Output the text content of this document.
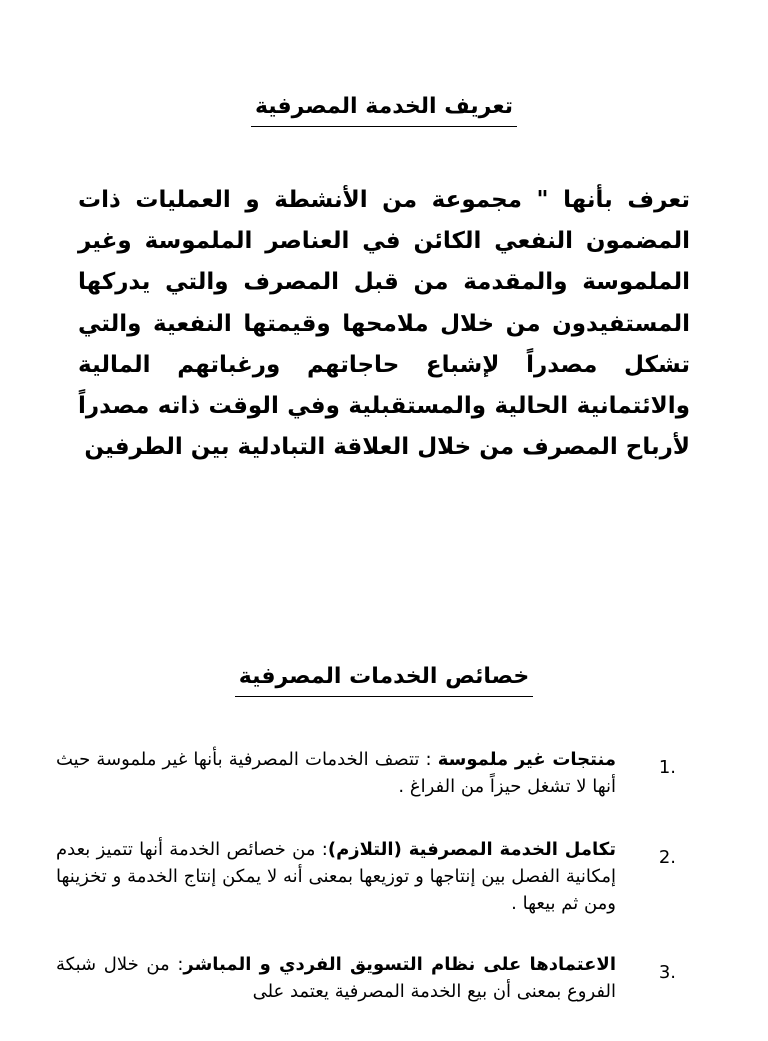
تعريف الخدمة المصرفية

تعرف بأنها " مجموعة من الأنشطة و العمليات ذات المضمون النفعي الكائن في العناصر الملموسة وغير الملموسة والمقدمة من قبل المصرف والتي يدركها المستفيدون من خلال ملامحها وقيمتها النفعية والتي تشكل مصدراً لإشباع حاجاتهم ورغباتهم المالية والائتمانية الحالية والمستقبلية وفي الوقت ذاته مصدراً لأرباح المصرف من خلال العلاقة التبادلية بين الطرفين

خصائص الخدمات المصرفية
1.
منتجات غير ملموسة : تتصف الخدمات المصرفية بأنها غير ملموسة حيث أنها لا تشغل حيزاً من الفراغ .
2.
تكامل الخدمة المصرفية (التلازم): من خصائص الخدمة أنها تتميز بعدم إمكانية الفصل بين إنتاجها و توزيعها بمعنى أنه لا يمكن إنتاج الخدمة و تخزينها ومن ثم بيعها .
3.
الاعتمادها على نظام التسويق الفردي و المباشر: من خلال شبكة الفروع بمعنى أن بيع الخدمة المصرفية يعتمد على
